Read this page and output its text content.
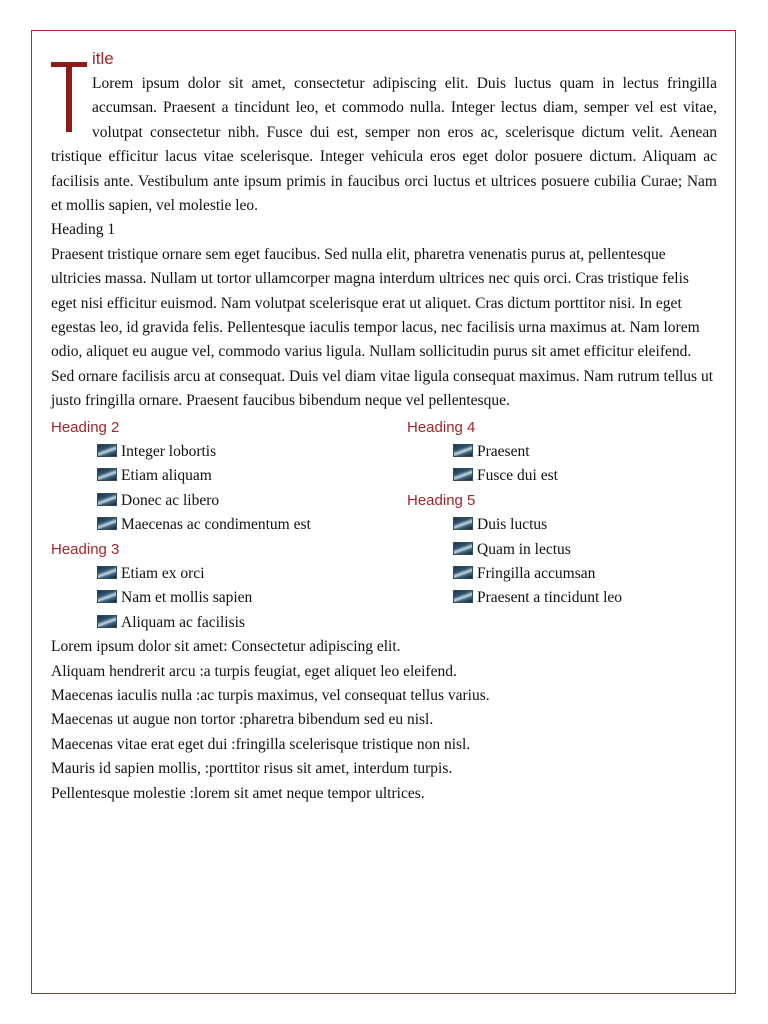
itle

Lorem ipsum dolor sit amet, consectetur adipiscing elit. Duis luctus quam in lectus fringilla accumsan. Praesent a tincidunt leo, et commodo nulla. Integer lectus diam, semper vel est vitae, volutpat consectetur nibh. Fusce dui est, semper non eros ac, scelerisque dictum velit. Aenean tristique efficitur lacus vitae scelerisque. Integer vehicula eros eget dolor posuere dictum. Aliquam ac facilisis ante. Vestibulum ante ipsum primis in faucibus orci luctus et ultrices posuere cubilia Curae; Nam et mollis sapien, vel molestie leo.

Heading 1

Praesent tristique ornare sem eget faucibus. Sed nulla elit, pharetra venenatis purus at, pellentesque ultricies massa. Nullam ut tortor ullamcorper magna interdum ultrices nec quis orci. Cras tristique felis eget nisi efficitur euismod. Nam volutpat scelerisque erat ut aliquet. Cras dictum porttitor nisi. In eget egestas leo, id gravida felis. Pellentesque iaculis tempor lacus, nec facilisis urna maximus at. Nam lorem odio, aliquet eu augue vel, commodo varius ligula. Nullam sollicitudin purus sit amet efficitur eleifend. Sed ornare facilisis arcu at consequat. Duis vel diam vitae ligula consequat maximus. Nam rutrum tellus ut justo fringilla ornare. Praesent faucibus bibendum neque vel pellentesque.

Heading 2
Integer lobortis
Etiam aliquam
Donec ac libero
Maecenas ac condimentum est
Heading 3
Etiam ex orci
Nam et mollis sapien
Aliquam ac facilisis
Heading 4
Praesent
Fusce dui est
Heading 5
Duis luctus
Quam in lectus
Fringilla accumsan
Praesent a tincidunt leo
Lorem ipsum dolor sit amet: Consectetur adipiscing elit.
Aliquam hendrerit arcu :a turpis feugiat, eget aliquet leo eleifend.
Maecenas iaculis nulla :ac turpis maximus, vel consequat tellus varius.
Maecenas ut augue non tortor :pharetra bibendum sed eu nisl.
Maecenas vitae erat eget dui :fringilla scelerisque tristique non nisl.
Mauris id sapien mollis, :porttitor risus sit amet, interdum turpis.
Pellentesque molestie :lorem sit amet neque tempor ultrices.
